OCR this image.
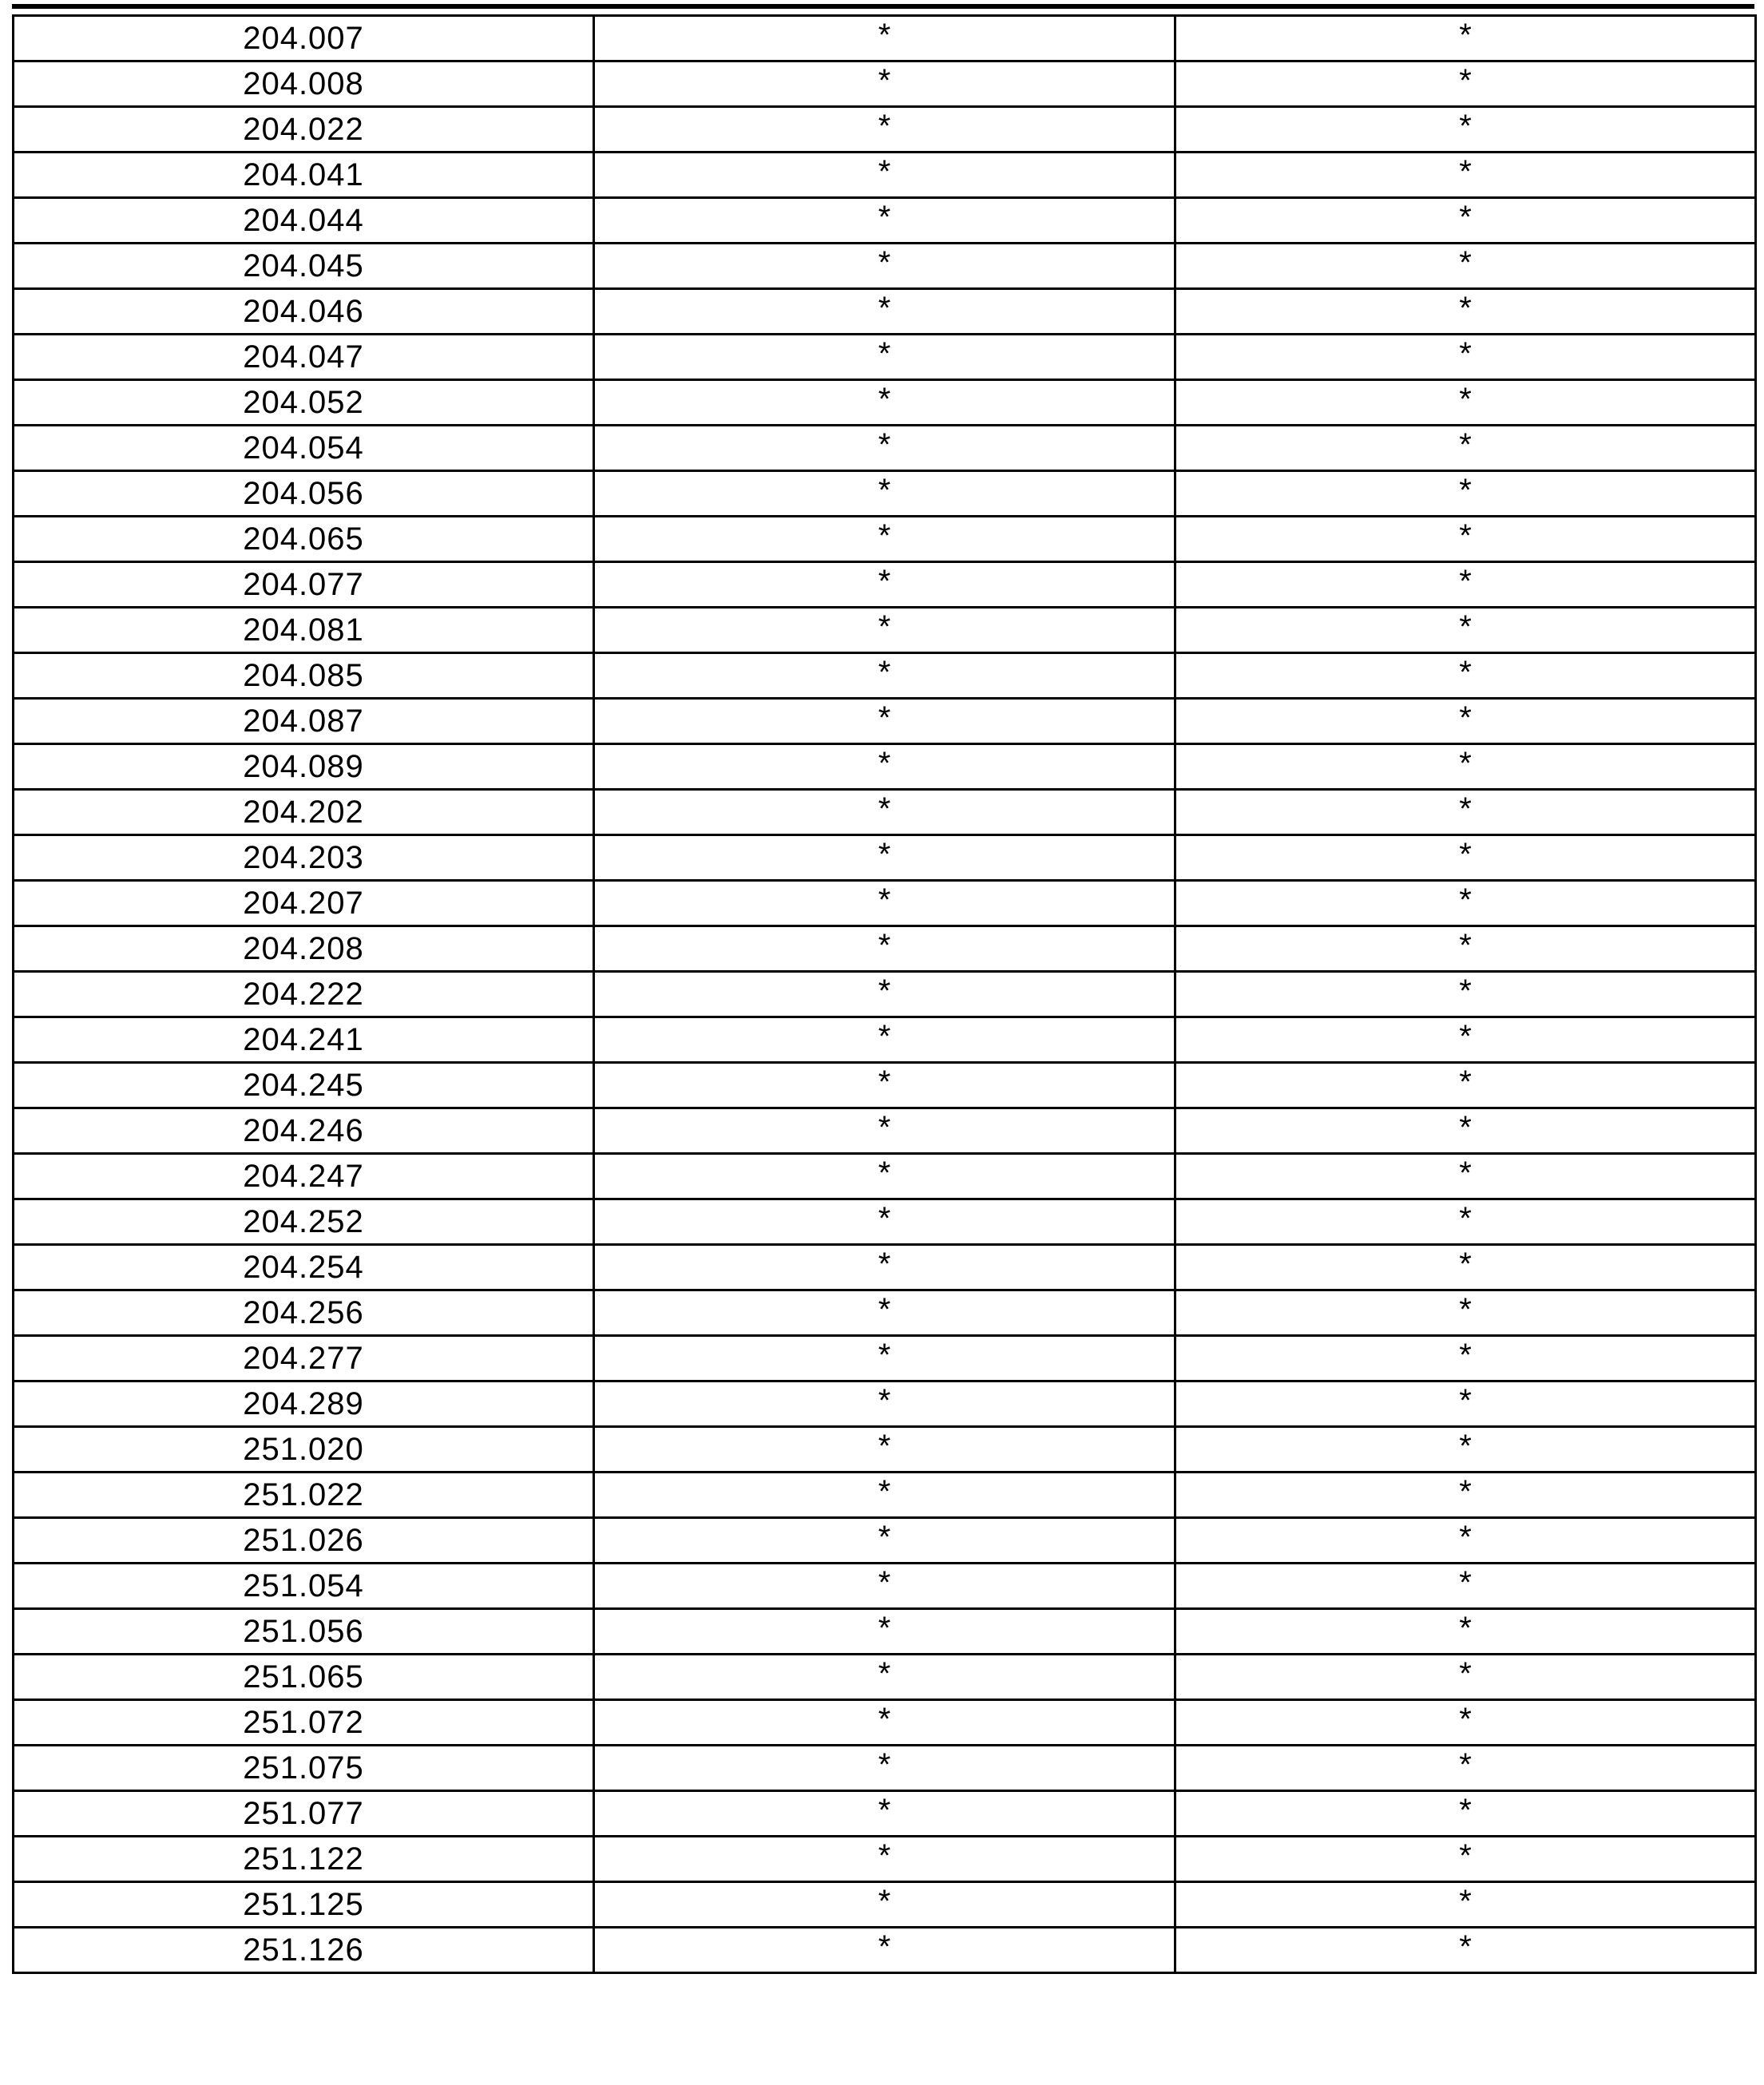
204.007	*	*
204.008	*	*
204.022	*	*
204.041	*	*
204.044	*	*
204.045	*	*
204.046	*	*
204.047	*	*
204.052	*	*
204.054	*	*
204.056	*	*
204.065	*	*
204.077	*	*
204.081	*	*
204.085	*	*
204.087	*	*
204.089	*	*
204.202	*	*
204.203	*	*
204.207	*	*
204.208	*	*
204.222	*	*
204.241	*	*
204.245	*	*
204.246	*	*
204.247	*	*
204.252	*	*
204.254	*	*
204.256	*	*
204.277	*	*
204.289	*	*
251.020	*	*
251.022	*	*
251.026	*	*
251.054	*	*
251.056	*	*
251.065	*	*
251.072	*	*
251.075	*	*
251.077	*	*
251.122	*	*
251.125	*	*
251.126	*	*
